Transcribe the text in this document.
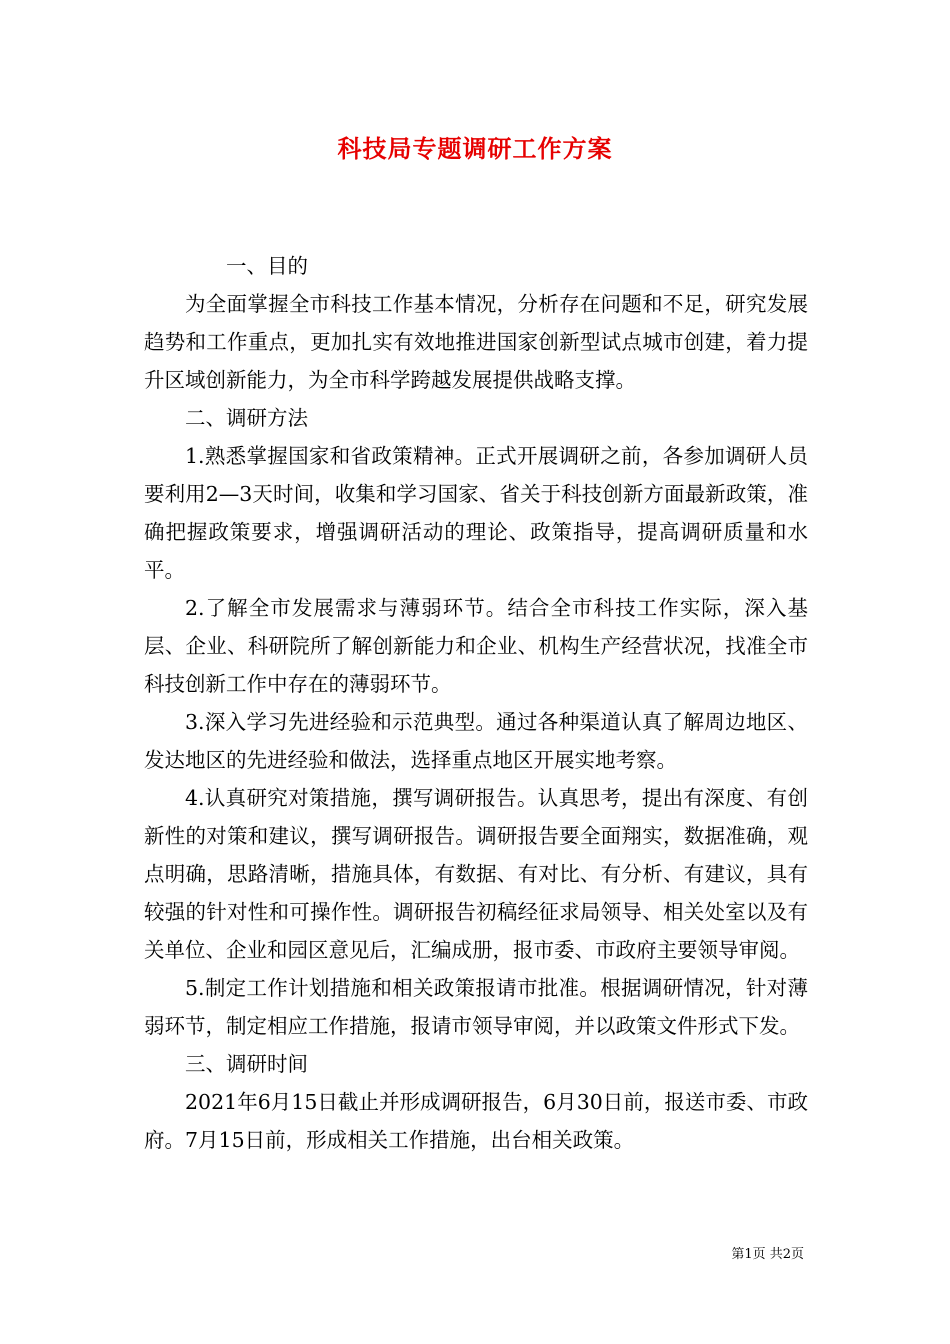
科技局专题调研工作方案

一、目的

为全面掌握全市科技工作基本情况，分析存在问题和不足，研究发展趋势和工作重点，更加扎实有效地推进国家创新型试点城市创建，着力提升区域创新能力，为全市科学跨越发展提供战略支撑。

二、调研方法

1.熟悉掌握国家和省政策精神。正式开展调研之前，各参加调研人员要利用2—3天时间，收集和学习国家、省关于科技创新方面最新政策，准确把握政策要求，增强调研活动的理论、政策指导，提高调研质量和水平。

2.了解全市发展需求与薄弱环节。结合全市科技工作实际，深入基层、企业、科研院所了解创新能力和企业、机构生产经营状况，找准全市科技创新工作中存在的薄弱环节。

3.深入学习先进经验和示范典型。通过各种渠道认真了解周边地区、发达地区的先进经验和做法，选择重点地区开展实地考察。

4.认真研究对策措施，撰写调研报告。认真思考，提出有深度、有创新性的对策和建议，撰写调研报告。调研报告要全面翔实，数据准确，观点明确，思路清晰，措施具体，有数据、有对比、有分析、有建议，具有较强的针对性和可操作性。调研报告初稿经征求局领导、相关处室以及有关单位、企业和园区意见后，汇编成册，报市委、市政府主要领导审阅。

5.制定工作计划措施和相关政策报请市批准。根据调研情况，针对薄弱环节，制定相应工作措施，报请市领导审阅，并以政策文件形式下发。

三、调研时间

2021年6月15日截止并形成调研报告，6月30日前，报送市委、市政府。7月15日前，形成相关工作措施，出台相关政策。

第1页 共2页
